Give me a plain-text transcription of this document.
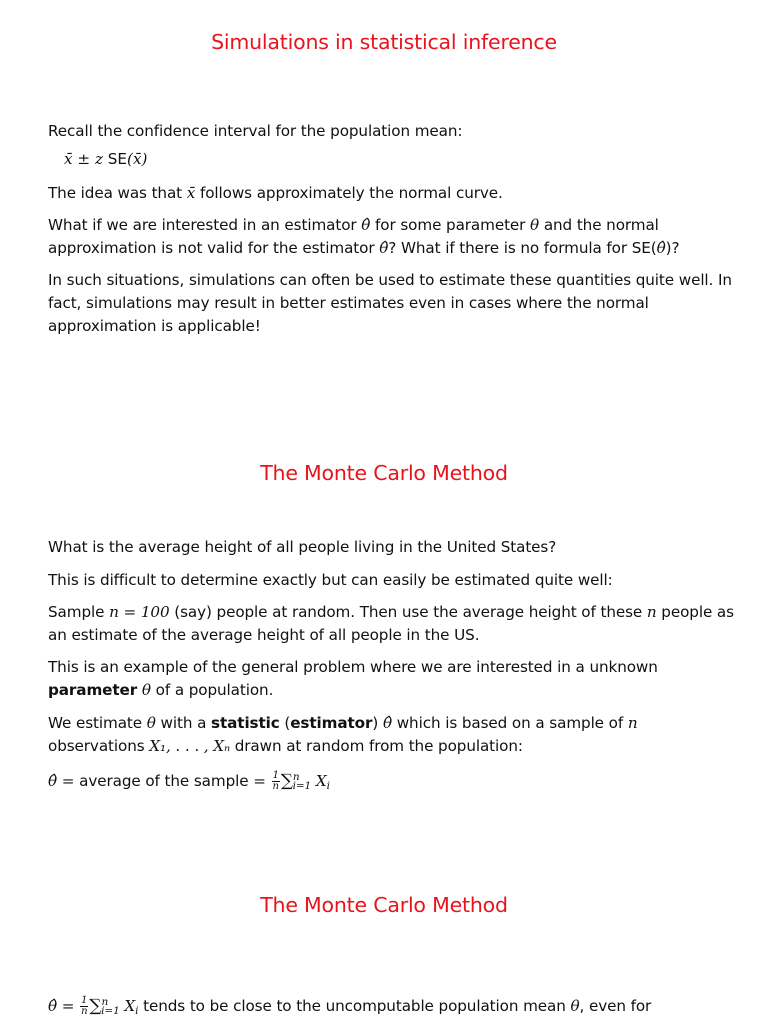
Simulations in statistical inference

Recall the confidence interval for the population mean:

x̄ ± z SE(x̄)

The idea was that x̄ follows approximately the normal curve.

What if we are interested in an estimator θ̂ for some parameter θ and the normal approximation is not valid for the estimator θ̂? What if there is no formula for SE(θ̂)?

In such situations, simulations can often be used to estimate these quantities quite well. In fact, simulations may result in better estimates even in cases where the normal approximation is applicable!

The Monte Carlo Method

What is the average height of all people living in the United States?

This is difficult to determine exactly but can easily be estimated quite well:

Sample n = 100 (say) people at random. Then use the average height of these n people as an estimate of the average height of all people in the US.

This is an example of the general problem where we are interested in a unknown parameter θ of a population.

We estimate θ with a statistic (estimator) θ̂ which is based on a sample of n observations X₁, . . . , Xₙ drawn at random from the population:

θ̂ = average of the sample = $\frac{1}{n} \sum^n_{i=1}$ $X_i$

The Monte Carlo Method

θ̂ = $\frac{1}{n} \sum^n_{i=1}$ $X_i$ tends to be close to the uncomputable population mean θ, even for
